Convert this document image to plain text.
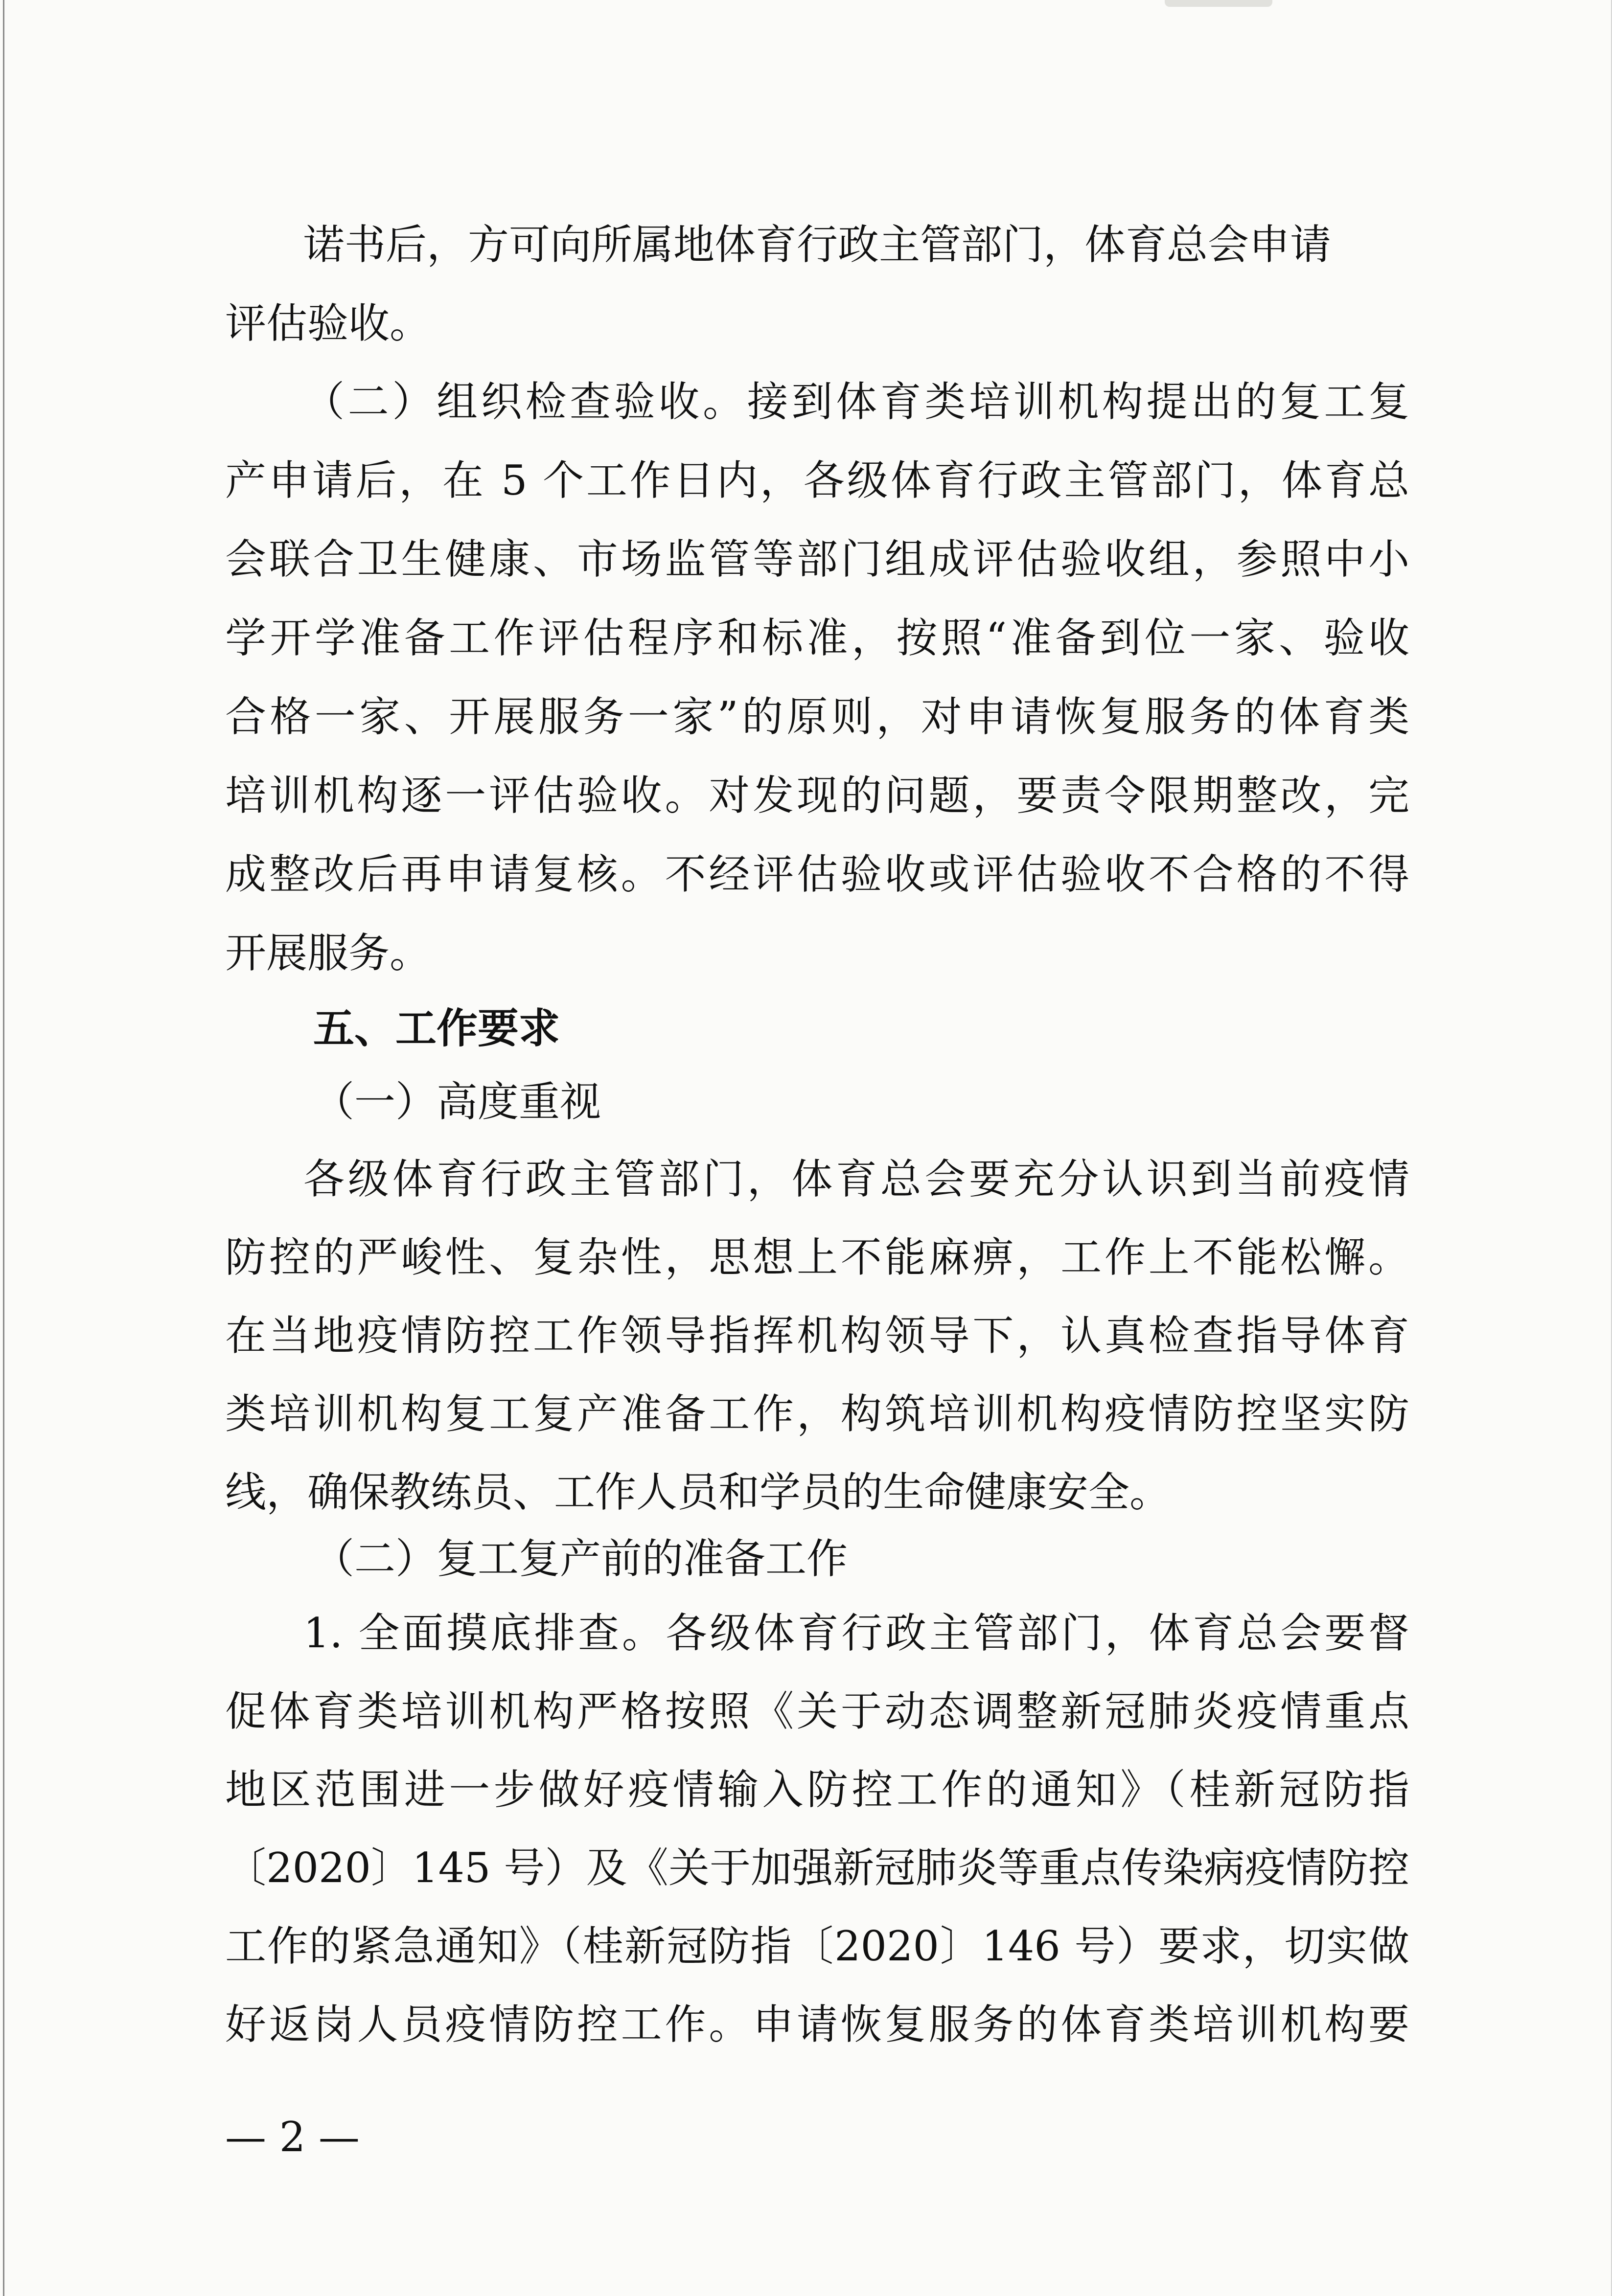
诺书后，方可向所属地体育行政主管部门，体育总会申请
评估验收。
（二）组织检查验收。接到体育类培训机构提出的复工复
产申请后，在 5 个工作日内，各级体育行政主管部门，体育总
会联合卫生健康、市场监管等部门组成评估验收组，参照中小
学开学准备工作评估程序和标准，按照“准备到位一家、验收
合格一家、开展服务一家”的原则，对申请恢复服务的体育类
培训机构逐一评估验收。对发现的问题，要责令限期整改，完
成整改后再申请复核。不经评估验收或评估验收不合格的不得
开展服务。
五、工作要求
（一）高度重视
各级体育行政主管部门，体育总会要充分认识到当前疫情
防控的严峻性、复杂性，思想上不能麻痹，工作上不能松懈。
在当地疫情防控工作领导指挥机构领导下，认真检查指导体育
类培训机构复工复产准备工作，构筑培训机构疫情防控坚实防
线，确保教练员、工作人员和学员的生命健康安全。
（二）复工复产前的准备工作
1. 全面摸底排查。各级体育行政主管部门，体育总会要督
促体育类培训机构严格按照《关于动态调整新冠肺炎疫情重点
地区范围进一步做好疫情输入防控工作的通知》（桂新冠防指
〔2020〕145 号）及《关于加强新冠肺炎等重点传染病疫情防控
工作的紧急通知》（桂新冠防指〔2020〕146 号）要求，切实做
好返岗人员疫情防控工作。申请恢复服务的体育类培训机构要
— 2 —
